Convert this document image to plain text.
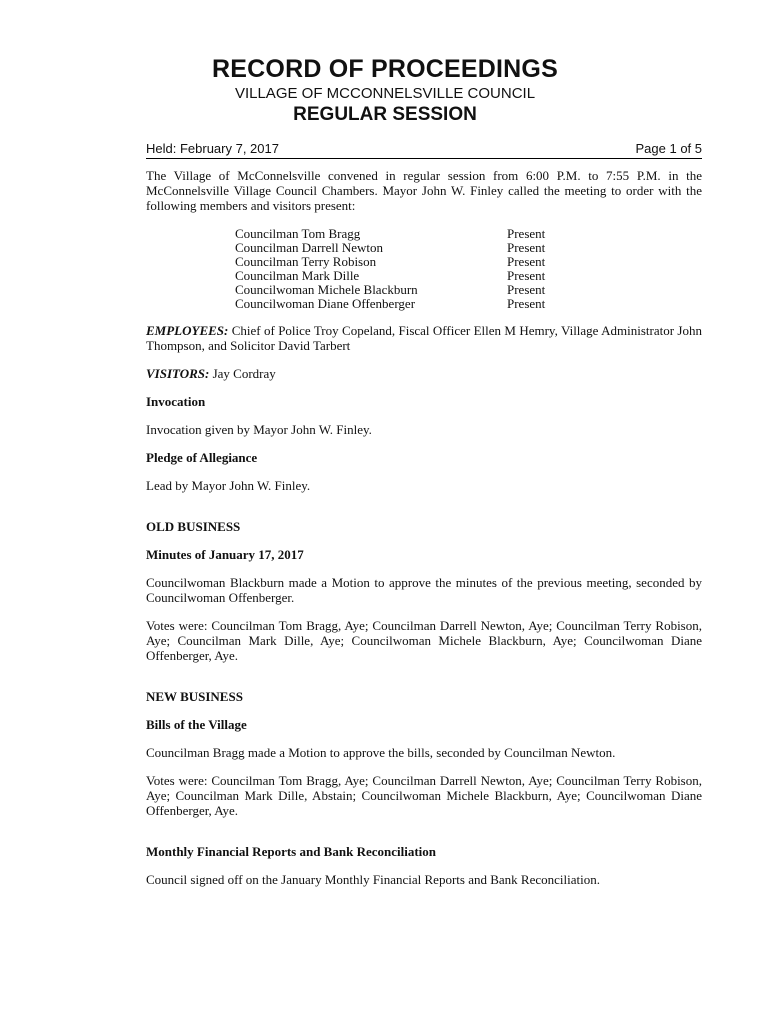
RECORD OF PROCEEDINGS
VILLAGE OF MCCONNELSVILLE COUNCIL
REGULAR SESSION
Held: February 7, 2017	Page 1 of 5

The Village of McConnelsville convened in regular session from 6:00 P.M. to 7:55 P.M. in the McConnelsville Village Council Chambers. Mayor John W. Finley called the meeting to order with the following members and visitors present:

Councilman Tom Bragg	Present
Councilman Darrell Newton	Present
Councilman Terry Robison	Present
Councilman Mark Dille	Present
Councilwoman Michele Blackburn	Present
Councilwoman Diane Offenberger	Present

EMPLOYEES: Chief of Police Troy Copeland, Fiscal Officer Ellen M Hemry, Village Administrator John Thompson, and Solicitor David Tarbert

VISITORS: Jay Cordray

Invocation

Invocation given by Mayor John W. Finley.

Pledge of Allegiance

Lead by Mayor John W. Finley.

OLD BUSINESS

Minutes of January 17, 2017

Councilwoman Blackburn made a Motion to approve the minutes of the previous meeting, seconded by Councilwoman Offenberger.

Votes were: Councilman Tom Bragg, Aye; Councilman Darrell Newton, Aye; Councilman Terry Robison, Aye; Councilman Mark Dille, Aye; Councilwoman Michele Blackburn, Aye; Councilwoman Diane Offenberger, Aye.

NEW BUSINESS

Bills of the Village

Councilman Bragg made a Motion to approve the bills, seconded by Councilman Newton.

Votes were: Councilman Tom Bragg, Aye; Councilman Darrell Newton, Aye; Councilman Terry Robison, Aye; Councilman Mark Dille, Abstain; Councilwoman Michele Blackburn, Aye; Councilwoman Diane Offenberger, Aye.

Monthly Financial Reports and Bank Reconciliation

Council signed off on the January Monthly Financial Reports and Bank Reconciliation.
